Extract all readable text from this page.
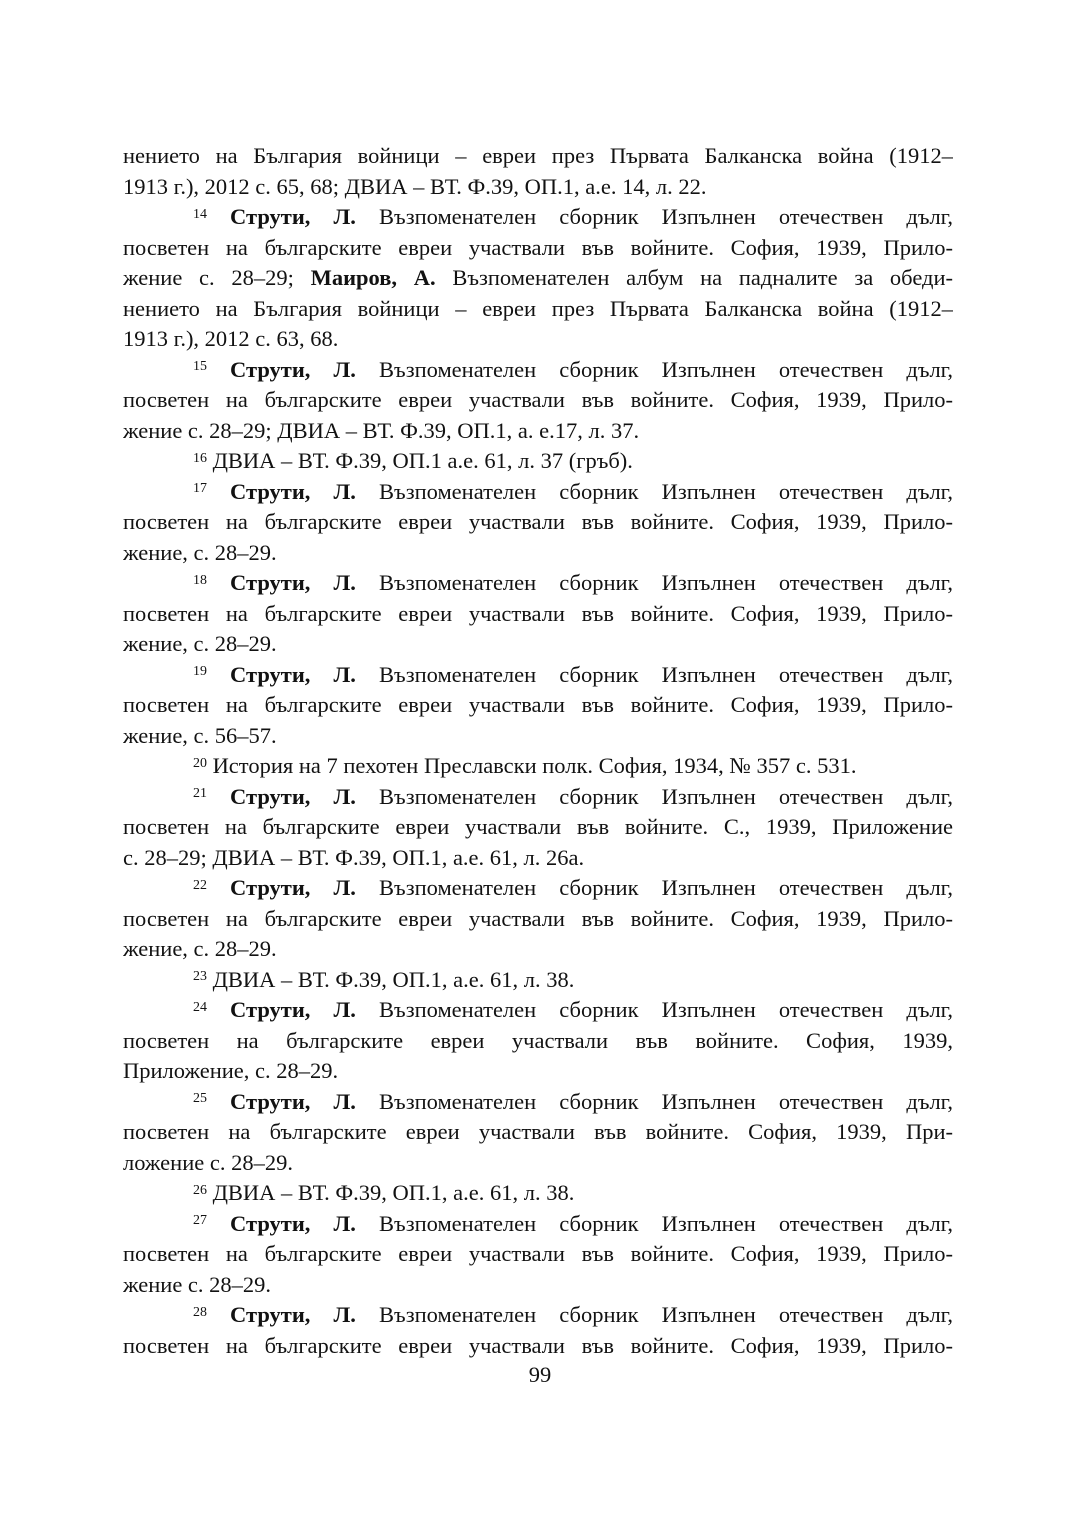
нението на България войници – евреи през Първата Балканска война (1912–
1913 г.), 2012 с. 65, 68; ДВИА – ВТ. Ф.39, ОП.1, а.е. 14, л. 22.
$^{14}$ Струти, Л. Възпоменателен сборник Изпълнен отечествен дълг,
посветен на българските евреи участвали във войните. София, 1939, Прило-
жение с. 28–29; Маиров, А. Възпоменателен албум на падналите за обеди-
нението на България войници – евреи през Първата Балканска война (1912–
1913 г.), 2012 с. 63, 68.
$^{15}$ Струти, Л. Възпоменателен сборник Изпълнен отечествен дълг,
посветен на българските евреи участвали във войните. София, 1939, Прило-
жение с. 28–29; ДВИА – ВТ. Ф.39, ОП.1, а. е.17, л. 37.
$^{16}$ ДВИА – ВТ. Ф.39, ОП.1 а.е. 61, л. 37 (гръб).
$^{17}$ Струти, Л. Възпоменателен сборник Изпълнен отечествен дълг,
посветен на българските евреи участвали във войните. София, 1939, Прило-
жение, с. 28–29.
$^{18}$ Струти, Л. Възпоменателен сборник Изпълнен отечествен дълг,
посветен на българските евреи участвали във войните. София, 1939, Прило-
жение, с. 28–29.
$^{19}$ Струти, Л. Възпоменателен сборник Изпълнен отечествен дълг,
посветен на българските евреи участвали във войните. София, 1939, Прило-
жение, с. 56–57.
$^{20}$ История на 7 пехотен Преславски полк. София, 1934, № 357 с. 531.
$^{21}$ Струти, Л. Възпоменателен сборник Изпълнен отечествен дълг,
посветен на българските евреи участвали във войните. С., 1939, Приложение
с. 28–29; ДВИА – ВТ. Ф.39, ОП.1, а.е. 61, л. 26а.
$^{22}$ Струти, Л. Възпоменателен сборник Изпълнен отечествен дълг,
посветен на българските евреи участвали във войните. София, 1939, Прило-
жение, с. 28–29.
$^{23}$ ДВИА – ВТ. Ф.39, ОП.1, а.е. 61, л. 38.
$^{24}$ Струти, Л. Възпоменателен сборник Изпълнен отечествен дълг,
посветен на българските евреи участвали във войните. София, 1939,
Приложение, с. 28–29.
$^{25}$ Струти, Л. Възпоменателен сборник Изпълнен отечествен дълг,
посветен на българските евреи участвали във войните. София, 1939, При-
ложение с. 28–29.
$^{26}$ ДВИА – ВТ. Ф.39, ОП.1, а.е. 61, л. 38.
$^{27}$ Струти, Л. Възпоменателен сборник Изпълнен отечествен дълг,
посветен на българските евреи участвали във войните. София, 1939, Прило-
жение с. 28–29.
$^{28}$ Струти, Л. Възпоменателен сборник Изпълнен отечествен дълг,
посветен на българските евреи участвали във войните. София, 1939, Прило-
99
